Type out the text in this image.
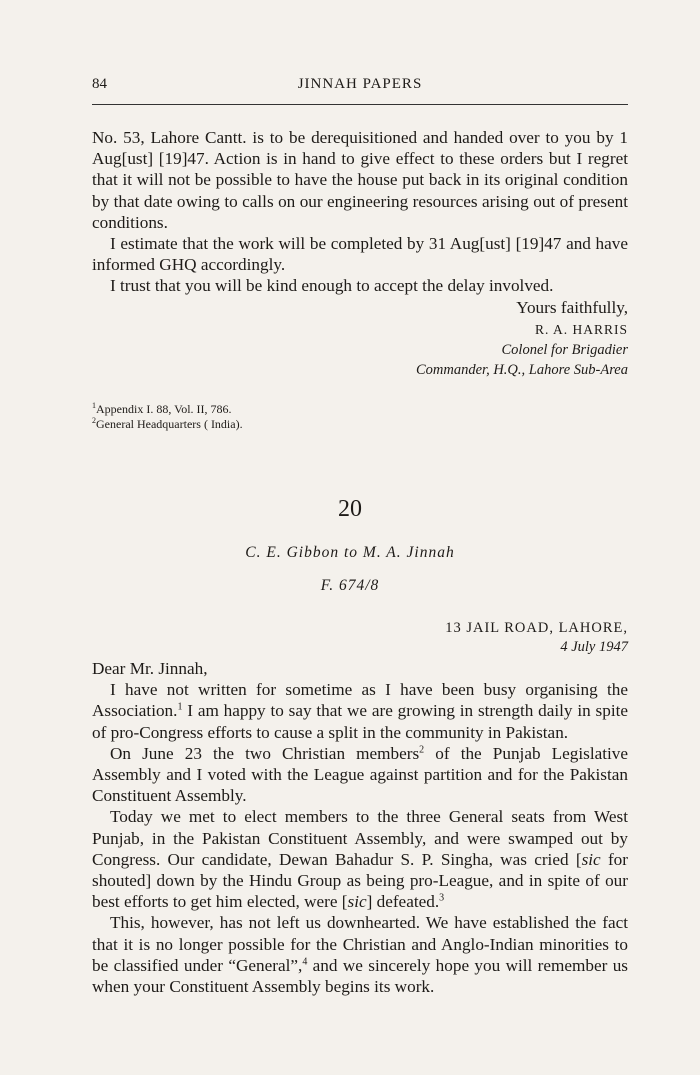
84	JINNAH PAPERS

No. 53, Lahore Cantt. is to be derequisitioned and handed over to you by 1 Aug[ust] [19]47. Action is in hand to give effect to these orders but I regret that it will not be possible to have the house put back in its original condition by that date owing to calls on our engineering resources arising out of present conditions.

I estimate that the work will be completed by 31 Aug[ust] [19]47 and have informed GHQ accordingly.

I trust that you will be kind enough to accept the delay involved.

Yours faithfully,
R. A. HARRIS
Colonel for Brigadier
Commander, H.Q., Lahore Sub-Area
$^1$Appendix I. 88, Vol. II, 786.
$^2$General Headquarters ( India).
20
C. E. Gibbon to M. A. Jinnah
F. 674/8
13 JAIL ROAD, LAHORE,
4 July 1947

Dear Mr. Jinnah,

I have not written for sometime as I have been busy organising the Association.$^1$ I am happy to say that we are growing in strength daily in spite of pro-Congress efforts to cause a split in the community in Pakistan.

On June 23 the two Christian members$^2$ of the Punjab Legislative Assembly and I voted with the League against partition and for the Pakistan Constituent Assembly.

Today we met to elect members to the three General seats from West Punjab, in the Pakistan Constituent Assembly, and were swamped out by Congress. Our candidate, Dewan Bahadur S. P. Singha, was cried [sic for shouted] down by the Hindu Group as being pro-League, and in spite of our best efforts to get him elected, were [sic] defeated.$^3$

This, however, has not left us downhearted. We have established the fact that it is no longer possible for the Christian and Anglo-Indian minorities to be classified under “General”,$^4$ and we sincerely hope you will remember us when your Constituent Assembly begins its work.
